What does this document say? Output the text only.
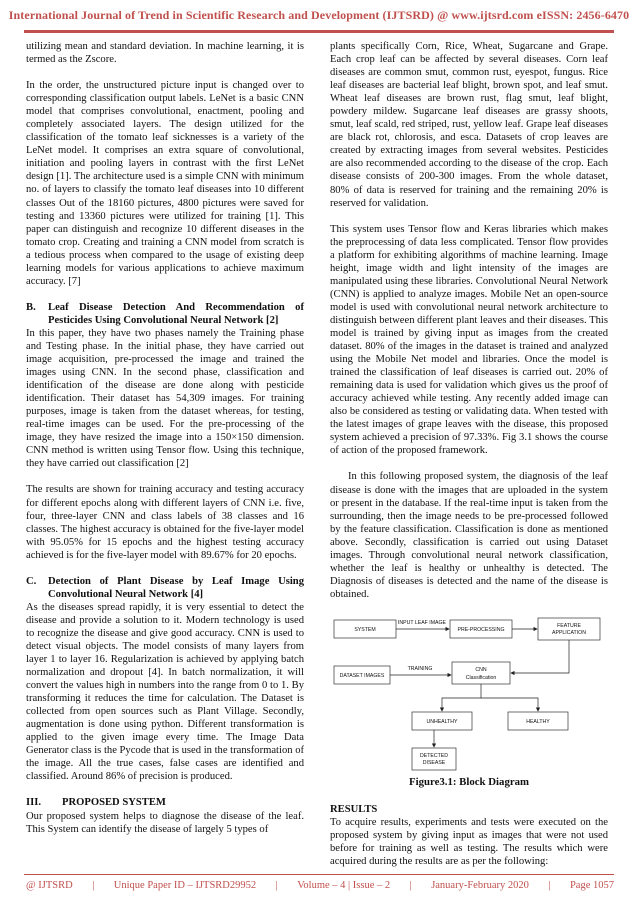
International Journal of Trend in Scientific Research and Development (IJTSRD) @ www.ijtsrd.com eISSN: 2456-6470

utilizing mean and standard deviation. In machine learning, it is termed as the Zscore.

In the order, the unstructured picture input is changed over to corresponding classification output labels. LeNet is a basic CNN model that comprises convolutional, enactment, pooling and completely associated layers. The design utilized for the classification of the tomato leaf sicknesses is a variety of the LeNet model. It comprises an extra square of convolutional, initiation and pooling layers in contrast with the first LeNet design [1]. The architecture used is a simple CNN with minimum no. of layers to classify the tomato leaf diseases into 10 different classes Out of the 18160 pictures, 4800 pictures were saved for testing and 13360 pictures were utilized for training [1]. This paper can distinguish and recognize 10 different diseases in the tomato crop. Creating and training a CNN model from scratch is a tedious process when compared to the usage of existing deep learning models for various applications to achieve maximum accuracy. [7]

B.	Leaf Disease Detection And Recommendation of Pesticides Using Convolutional Neural Network [2]

In this paper, they have two phases namely the Training phase and Testing phase. In the initial phase, they have carried out image acquisition, pre-processed the image and trained the images using CNN. In the second phase, classification and identification of the disease are done along with pesticide identification. Their dataset has 54,309 images. For training purposes, image is taken from the dataset whereas, for testing, real-time images can be used. For the pre-processing of the image, they have resized the image into a 150×150 dimension. CNN method is written using Tensor flow. Using this technique, they have carried out classification [2]

The results are shown for training accuracy and testing accuracy for different epochs along with different layers of CNN i.e. five, four, three-layer CNN and class labels of 38 classes and 16 classes. The highest accuracy is obtained for the five-layer model with 95.05% for 15 epochs and the highest testing accuracy achieved is for the five-layer model with 89.67% for 20 epochs.

C.	Detection of Plant Disease by Leaf Image Using Convolutional Neural Network [4]

As the diseases spread rapidly, it is very essential to detect the disease and provide a solution to it. Modern technology is used to recognize the disease and give good accuracy. CNN is used to detect visual objects. The model consists of many layers from layer 1 to layer 16. Regularization is achieved by applying batch normalization and dropout [4]. In batch normalization, it will convert the values high in numbers into the range from 0 to 1. By transforming it reduces the time for calculation. The Dataset is collected from open sources such as Plant Village. Secondly, augmentation is done using python. Different transformation is applied to the given image every time. The Image Data Generator class is the Pycode that is used in the transformation of the image. All the true cases, false cases are identified and classified. Around 86% of precision is produced.

III.	PROPOSED SYSTEM

Our proposed system helps to diagnose the disease of the leaf. This System can identify the disease of largely 5 types of

plants specifically Corn, Rice, Wheat, Sugarcane and Grape. Each crop leaf can be affected by several diseases. Corn leaf diseases are common smut, common rust, eyespot, fungus. Rice leaf diseases are bacterial leaf blight, brown spot, and leaf smut. Wheat leaf diseases are brown rust, flag smut, leaf blight, powdery mildew. Sugarcane leaf diseases are grassy shoots, smut, leaf scald, red striped, rust, yellow leaf. Grape leaf diseases are black rot, chlorosis, and esca. Datasets of crop leaves are created by extracting images from several websites. Pesticides are also recommended according to the disease of the crop. Each disease consists of 200-300 images. From the whole dataset, 80% of data is reserved for training and the remaining 20% is reserved for validation.

This system uses Tensor flow and Keras libraries which makes the preprocessing of data less complicated. Tensor flow provides a platform for exhibiting algorithms of machine learning. Image height, image width and light intensity of the images are manipulated using these libraries. Convolutional Neural Network (CNN) is applied to analyze images. Mobile Net an open-source model is used with convolutional neural network architecture to distinguish between different plant leaves and their diseases. This model is trained by giving input as images from the created dataset. 80% of the images in the dataset is trained and analyzed using the Mobile Net model and libraries. Once the model is trained the classification of leaf diseases is carried out. 20% of remaining data is used for validation which gives us the proof of accuracy achieved while testing. Any recently added image can also be considered as testing or validating data. When tested with the latest images of grape leaves with the disease, this proposed system achieved a precision of 97.33%. Fig 3.1 shows the course of action of the proposed framework.

In this following proposed system, the diagnosis of the leaf disease is done with the images that are uploaded in the system or present in the database. If the real-time input is taken from the surrounding, then the image needs to be pre-processed followed by the feature classification. Classification is done as mentioned above. Secondly, classification is carried out using Dataset images. Through convolutional neural network classification, whether the leaf is healthy or unhealthy is detected. The Diagnosis of diseases is detected and the name of the disease is obtained.

SYSTEM
INPUT LEAF IMAGE
PRE-PROCESSING
FEATURE
APPLICATION
DATASET IMAGES
TRAINING	CNN
Classification
UNHEALTHY	HEALTHY
DETECTED
DISEASE
Figure3.1: Block Diagram
RESULTS

To acquire results, experiments and tests were executed on the proposed system by giving input as images that were not used before for training as well as testing. The results which were acquired during the results are as per the following:

@ IJTSRD | Unique Paper ID – IJTSRD29952 | Volume – 4 | Issue – 2 | January-February 2020 | Page 1057
